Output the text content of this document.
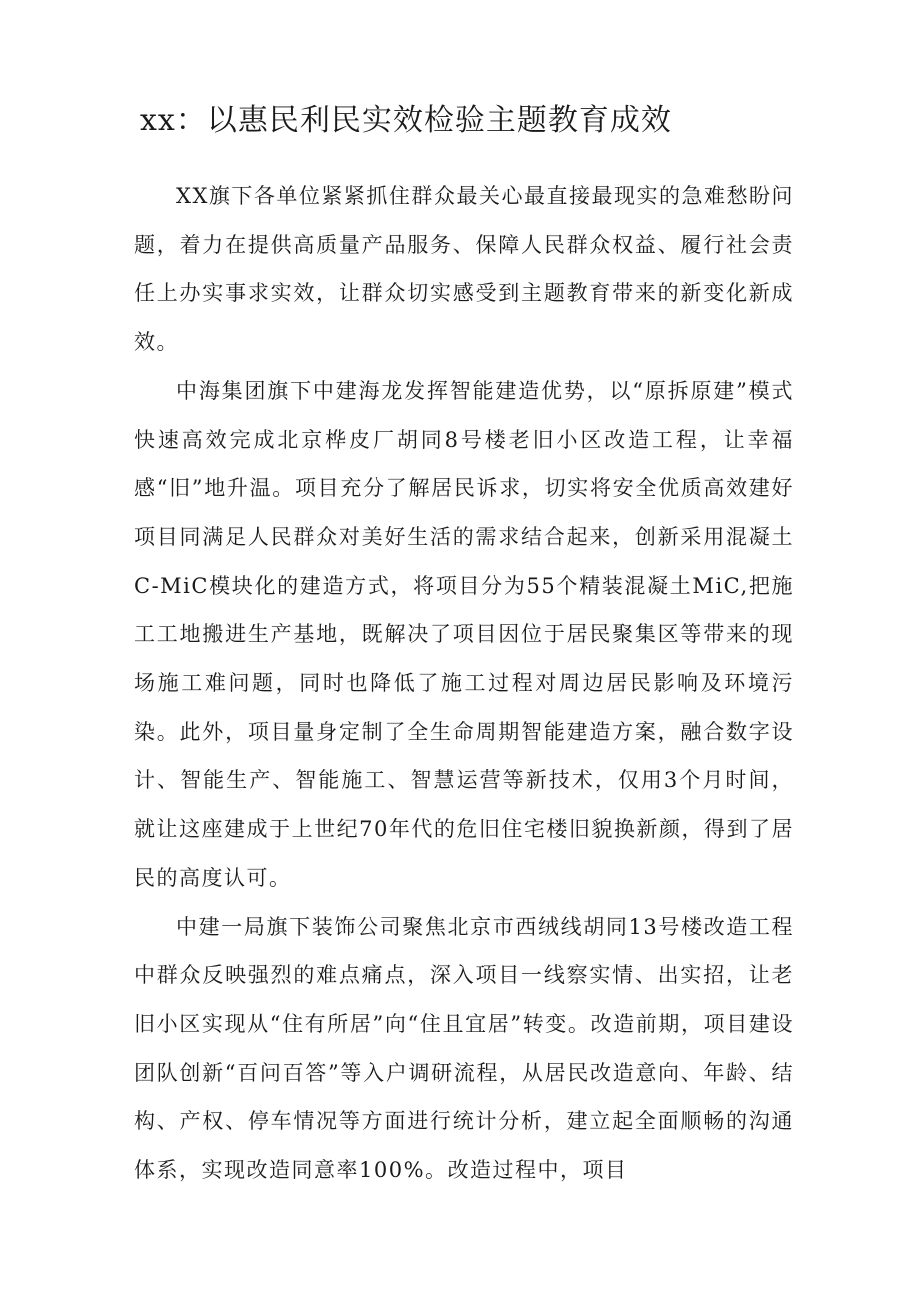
xx：以惠民利民实效检验主题教育成效

XX旗下各单位紧紧抓住群众最关心最直接最现实的急难愁盼问题，着力在提供高质量产品服务、保障人民群众权益、履行社会责任上办实事求实效，让群众切实感受到主题教育带来的新变化新成效。

中海集团旗下中建海龙发挥智能建造优势，以“原拆原建”模式快速高效完成北京桦皮厂胡同8号楼老旧小区改造工程，让幸福感“旧”地升温。项目充分了解居民诉求，切实将安全优质高效建好项目同满足人民群众对美好生活的需求结合起来，创新采用混凝土C-MiC模块化的建造方式，将项目分为55个精装混凝土MiC,把施工工地搬进生产基地，既解决了项目因位于居民聚集区等带来的现场施工难问题，同时也降低了施工过程对周边居民影响及环境污染。此外，项目量身定制了全生命周期智能建造方案，融合数字设计、智能生产、智能施工、智慧运营等新技术，仅用3个月时间，就让这座建成于上世纪70年代的危旧住宅楼旧貌换新颜，得到了居民的高度认可。

中建一局旗下装饰公司聚焦北京市西绒线胡同13号楼改造工程中群众反映强烈的难点痛点，深入项目一线察实情、出实招，让老旧小区实现从“住有所居”向“住且宜居”转变。改造前期，项目建设团队创新“百问百答”等入户调研流程，从居民改造意向、年龄、结构、产权、停车情况等方面进行统计分析，建立起全面顺畅的沟通体系，实现改造同意率100%。改造过程中，项目
